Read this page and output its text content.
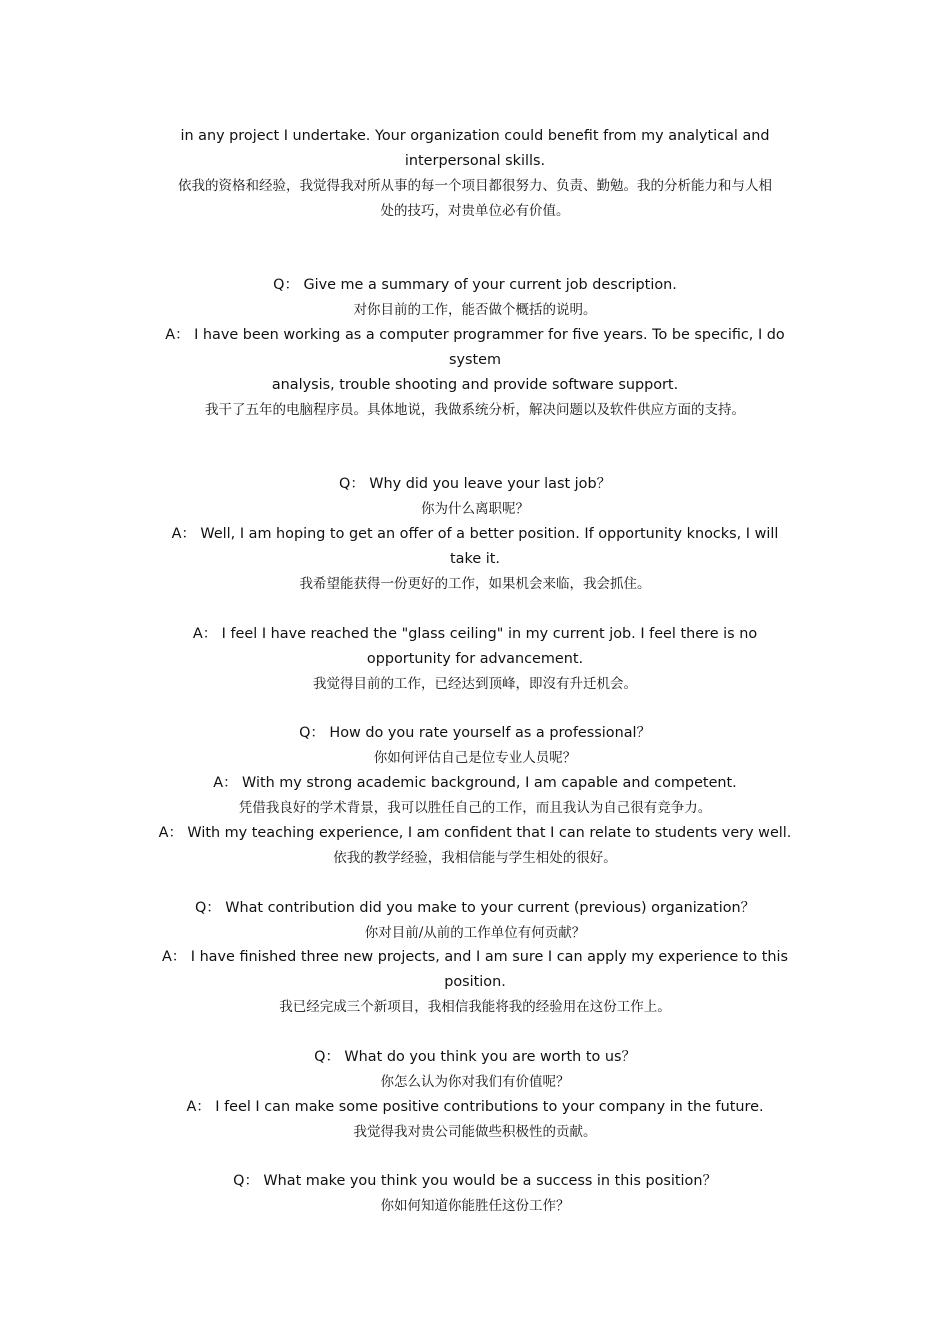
in any project I undertake. Your organization could benefit from my analytical and
interpersonal skills.
依我的资格和经验，我觉得我对所从事的每一个项目都很努力、负责、勤勉。我的分析能力和与人相
处的技巧，对贵单位必有价值。
Q： Give me a summary of your current job description.
对你目前的工作，能否做个概括的说明。
A： I have been working as a computer programmer for five years. To be specific, I do
system
analysis, trouble shooting and provide software support.
我干了五年的电脑程序员。具体地说，我做系统分析，解决问题以及软件供应方面的支持。
Q： Why did you leave your last job？
你为什么离职呢？
A： Well, I am hoping to get an offer of a better position. If opportunity knocks, I will
take it.
我希望能获得一份更好的工作，如果机会来临，我会抓住。
A： I feel I have reached the "glass ceiling" in my current job. I feel there is no
opportunity for advancement.
我觉得目前的工作，已经达到顶峰，即沒有升迁机会。
Q： How do you rate yourself as a professional？
你如何评估自己是位专业人员呢？
A： With my strong academic background, I am capable and competent.
凭借我良好的学术背景，我可以胜任自己的工作，而且我认为自己很有竞争力。
A： With my teaching experience, I am confident that I can relate to students very well.
依我的教学经验，我相信能与学生相处的很好。
Q： What contribution did you make to your current (previous) organization？
你对目前/从前的工作单位有何贡献？
A： I have finished three new projects, and I am sure I can apply my experience to this
position.
我已经完成三个新项目，我相信我能将我的经验用在这份工作上。
Q： What do you think you are worth to us？
你怎么认为你对我们有价值呢？
A： I feel I can make some positive contributions to your company in the future.
我觉得我对贵公司能做些积极性的贡献。
Q： What make you think you would be a success in this position？
你如何知道你能胜任这份工作？
